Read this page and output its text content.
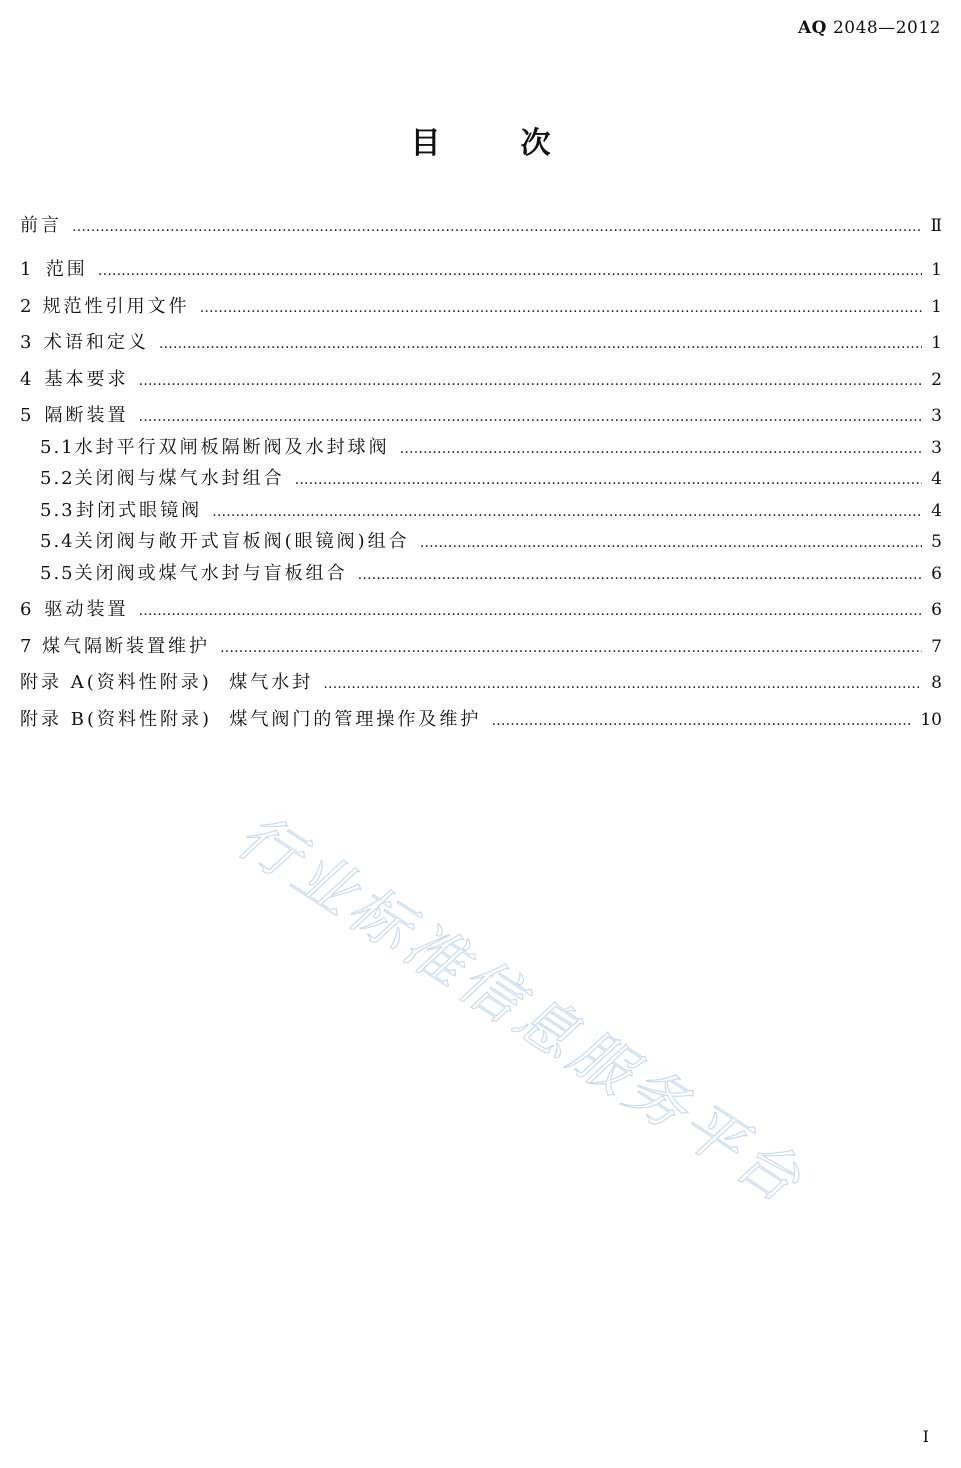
AQ 2048—2012
目	次
前言 …………………………………………………………………………………………………………………………………………………………………………………………………	Ⅱ
1 范围 …………………………………………………………………………………………………………………………………………………………………………………………………	1
2 规范性引用文件 …………………………………………………………………………………………………………………………………………………………………………………………………	1
3 术语和定义 …………………………………………………………………………………………………………………………………………………………………………………………………	1
4 基本要求 …………………………………………………………………………………………………………………………………………………………………………………………………	2
5 隔断装置 …………………………………………………………………………………………………………………………………………………………………………………………………	3
5.1 水封平行双闸板隔断阀及水封球阀 …………………………………………………………………………………………………………………………………………………………………………………………………	3
5.2 关闭阀与煤气水封组合 …………………………………………………………………………………………………………………………………………………………………………………………………	4
5.3 封闭式眼镜阀 …………………………………………………………………………………………………………………………………………………………………………………………………	4
5.4 关闭阀与敞开式盲板阀(眼镜阀)组合 …………………………………………………………………………………………………………………………………………………………………………………………………	5
5.5 关闭阀或煤气水封与盲板组合 …………………………………………………………………………………………………………………………………………………………………………………………………	6
6 驱动装置 …………………………………………………………………………………………………………………………………………………………………………………………………	6
7 煤气隔断装置维护 …………………………………………………………………………………………………………………………………………………………………………………………………	7
附录 A(资料性附录)  煤气水封 …………………………………………………………………………………………………………………………………………………………………………………………………	8
附录 B(资料性附录)  煤气阀门的管理操作及维护 …………………………………………………………………………………………………………………………………………………………………………………………………	10
行业标准信息服务平台
Ⅰ
